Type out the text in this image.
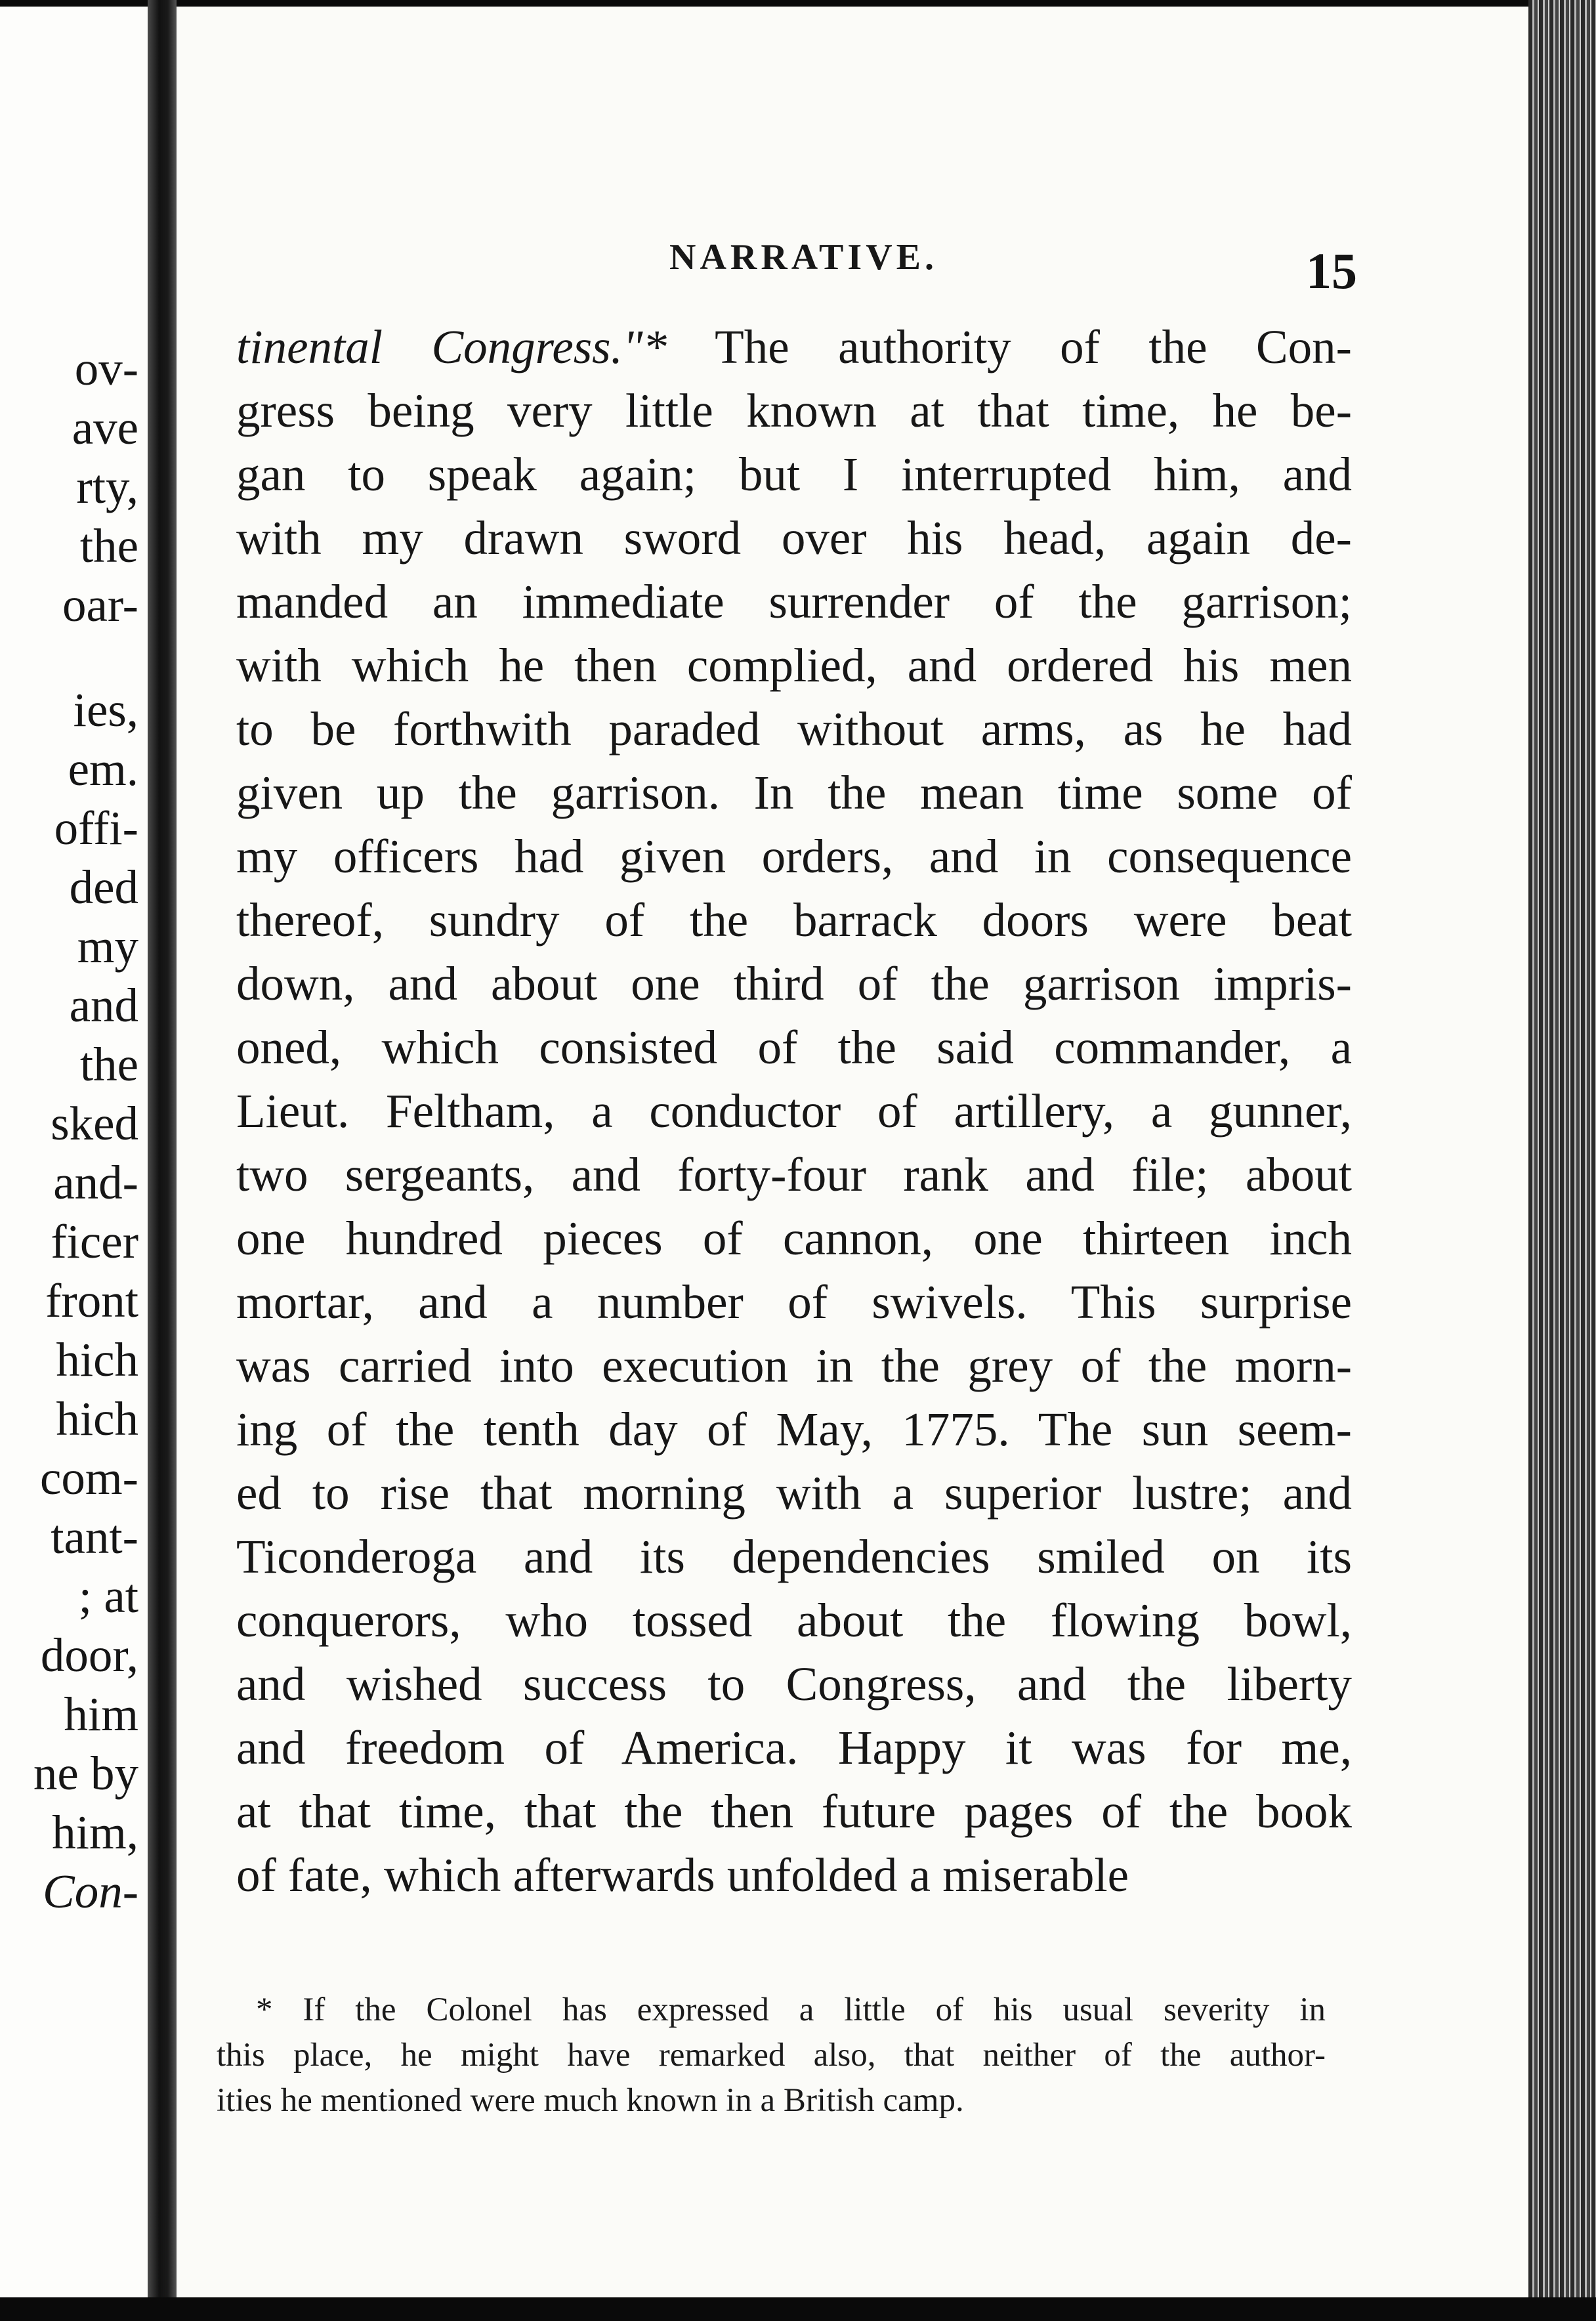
ov-
ave
rty,
the
oar-
ies,
em.
offi-
ded
my
and
the
sked
and-
ficer
front
hich
hich
com-
tant-
; at
door,
him
ne by
him,
Con-
NARRATIVE.	15
tinental Congress."* The authority of the Con-
gress being very little known at that time, he be-
gan to speak again; but I interrupted him, and
with my drawn sword over his head, again de-
manded an immediate surrender of the garrison;
with which he then complied, and ordered his men
to be forthwith paraded without arms, as he had
given up the garrison. In the mean time some of
my officers had given orders, and in consequence
thereof, sundry of the barrack doors were beat
down, and about one third of the garrison impris-
oned, which consisted of the said commander, a
Lieut. Feltham, a conductor of artillery, a gunner,
two sergeants, and forty-four rank and file; about
one hundred pieces of cannon, one thirteen inch
mortar, and a number of swivels. This surprise
was carried into execution in the grey of the morn-
ing of the tenth day of May, 1775. The sun seem-
ed to rise that morning with a superior lustre; and
Ticonderoga and its dependencies smiled on its
conquerors, who tossed about the flowing bowl,
and wished success to Congress, and the liberty
and freedom of America. Happy it was for me,
at that time, that the then future pages of the book
of fate, which afterwards unfolded a miserable
* If the Colonel has expressed a little of his usual severity in
this place, he might have remarked also, that neither of the author-
ities he mentioned were much known in a British camp.
